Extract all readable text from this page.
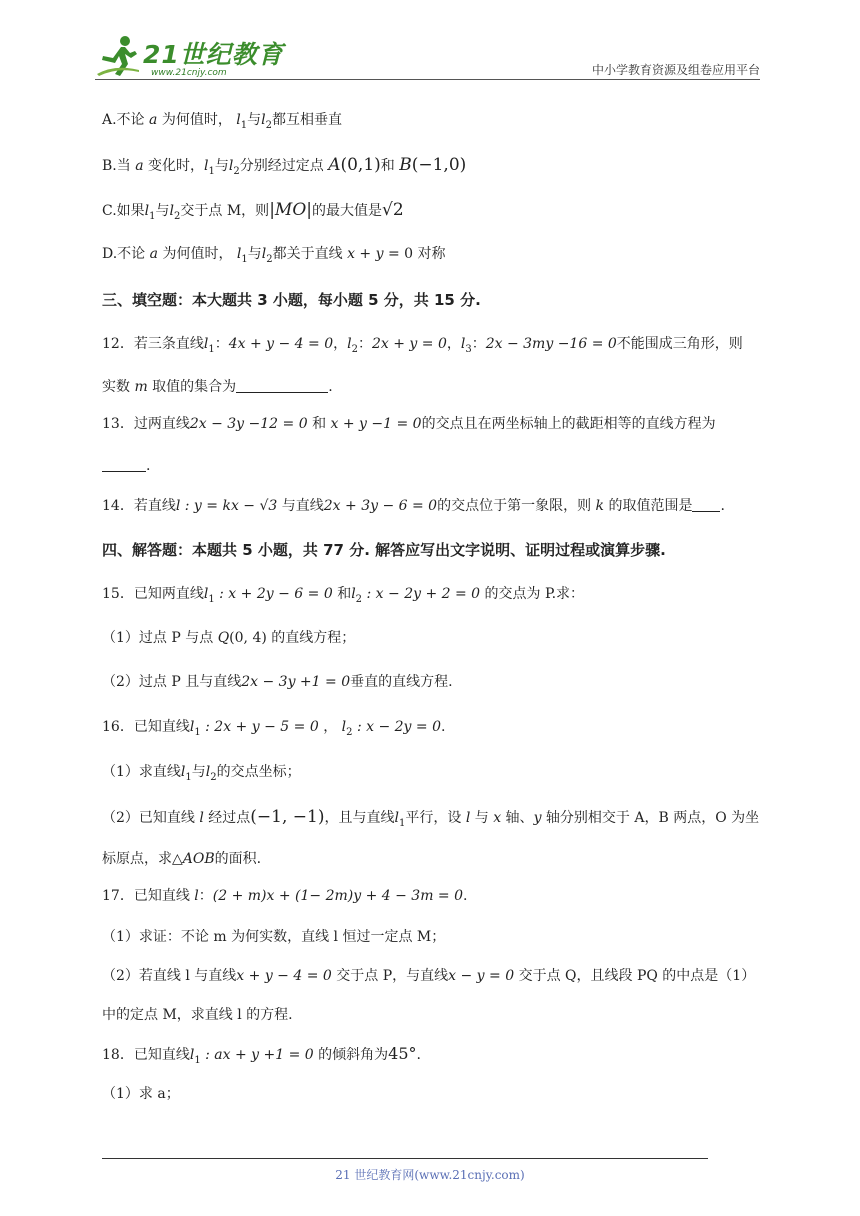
21世纪教育
www.21cnjy.com	中小学教育资源及组卷应用平台
A.不论 a 为何值时， $l_1$与$l_2$都互相垂直
B.当 a 变化时，$l_1$与$l_2$分别经过定点 A(0,1)和 B(−1,0)
C.如果$l_1$与$l_2$交于点 M，则|MO|的最大值是√2
D.不论 a 为何值时， $l_1$与$l_2$都关于直线 x + y = 0 对称
三、填空题：本大题共 3 小题，每小题 5 分，共 15 分.
12．若三条直线$l_1$：4x + y − 4 = 0，$l_2$：2x + y = 0，$l_3$：2x − 3my −16 = 0不能围成三角形，则
实数 m 取值的集合为	.
13．过两直线2x − 3y −12 = 0 和 x + y −1 = 0的交点且在两坐标轴上的截距相等的直线方程为
.
14．若直线l : y = kx − √3 与直线2x + 3y − 6 = 0的交点位于第一象限，则 k 的取值范围是 .
四、解答题：本题共 5 小题，共 77 分. 解答应写出文字说明、证明过程或演算步骤.
15．已知两直线$l_1$ : x + 2y − 6 = 0 和$l_2$ : x − 2y + 2 = 0 的交点为 P.求：
（1）过点 P 与点 Q(0, 4) 的直线方程；
（2）过点 P 且与直线2x − 3y +1 = 0垂直的直线方程.
16．已知直线$l_1$ : 2x + y − 5 = 0 ， $l_2$ : x − 2y = 0.
（1）求直线$l_1$与$l_2$的交点坐标；
（2）已知直线 l 经过点(−1, −1)，且与直线$l_1$平行，设 l 与 x 轴、y 轴分别相交于 A，B 两点，O 为坐
标原点，求△AOB的面积.
17．已知直线 l：(2 + m)x + (1− 2m)y + 4 − 3m = 0.
（1）求证：不论 m 为何实数，直线 l 恒过一定点 M；
（2）若直线 l 与直线x + y − 4 = 0 交于点 P，与直线x − y = 0 交于点 Q，且线段 PQ 的中点是（1）
中的定点 M，求直线 l 的方程.
18．已知直线$l_1$ : ax + y +1 = 0 的倾斜角为45°.
（1）求 a；
21 世纪教育网(www.21cnjy.com)
